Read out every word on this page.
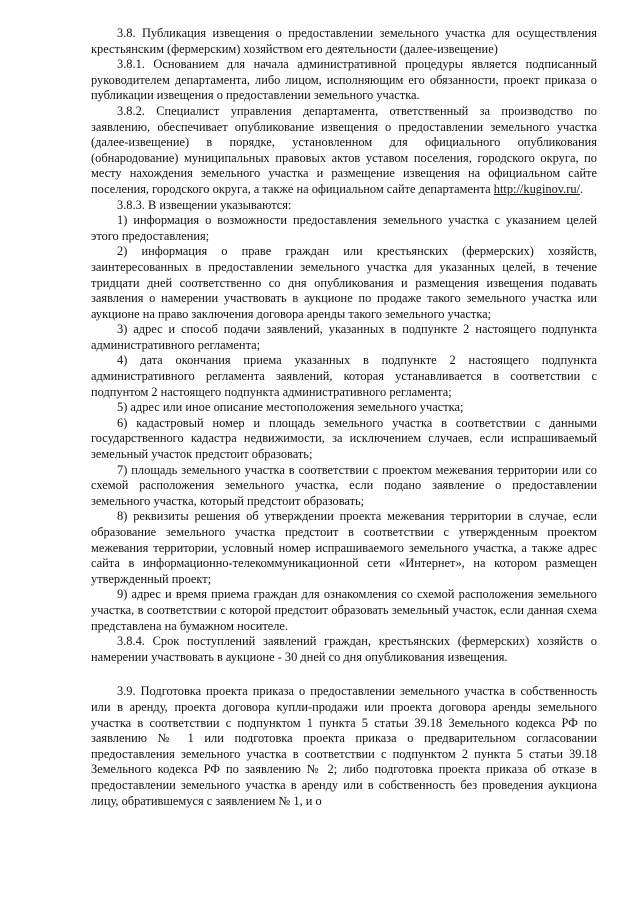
3.8. Публикация извещения о предоставлении земельного участка для осуществления крестьянским (фермерским) хозяйством его деятельности (далее-извещение)

3.8.1. Основанием для начала административной процедуры является подписанный руководителем департамента, либо лицом, исполняющим его обязанности, проект приказа о публикации извещения о предоставлении земельного участка.

3.8.2. Специалист управления департамента, ответственный за производство по заявлению, обеспечивает опубликование извещения о предоставлении земельного участка (далее-извещение) в порядке, установленном для официального опубликования (обнародование) муниципальных правовых актов уставом поселения, городского округа, по месту нахождения земельного участка и размещение извещения на официальном сайте поселения, городского округа, а также на официальном сайте департамента http://kuginov.ru/.

3.8.3. В извещении указываются:

1) информация о возможности предоставления земельного участка с указанием целей этого предоставления;

2) информация о праве граждан или крестьянских (фермерских) хозяйств, заинтересованных в предоставлении земельного участка для указанных целей, в течение тридцати дней соответственно со дня опубликования и размещения извещения подавать заявления о намерении участвовать в аукционе по продаже такого земельного участка или аукционе на право заключения договора аренды такого земельного участка;

3) адрес и способ подачи заявлений, указанных в подпункте 2 настоящего подпункта административного регламента;

4) дата окончания приема указанных в подпункте 2 настоящего подпункта административного регламента заявлений, которая устанавливается в соответствии с подпунтом 2 настоящего подпункта административного регламента;

5) адрес или иное описание местоположения земельного участка;

6) кадастровый номер и площадь земельного участка в соответствии с данными государственного кадастра недвижимости, за исключением случаев, если испрашиваемый земельный участок предстоит образовать;

7) площадь земельного участка в соответствии с проектом межевания территории или со схемой расположения земельного участка, если подано заявление о предоставлении земельного участка, который предстоит образовать;

8) реквизиты решения об утверждении проекта межевания территории в случае, если образование земельного участка предстоит в соответствии с утвержденным проектом межевания территории, условный номер испрашиваемого земельного участка, а также адрес сайта в информационно-телекоммуникационной сети «Интернет», на котором размещен утвержденный проект;

9) адрес и время приема граждан для ознакомления со схемой расположения земельного участка, в соответствии с которой предстоит образовать земельный участок, если данная схема представлена на бумажном носителе.

3.8.4. Срок поступлений заявлений граждан, крестьянских (фермерских) хозяйств о намерении участвовать в аукционе - 30 дней со дня опубликования извещения.

3.9. Подготовка проекта приказа о предоставлении земельного участка в собственность или в аренду, проекта договора купли-продажи или проекта договора аренды земельного участка в соответствии с подпунктом 1 пункта 5 статьи 39.18 Земельного кодекса РФ по заявлению № 1 или подготовка проекта приказа о предварительном согласовании предоставления земельного участка в соответствии с подпунктом 2 пункта 5 статьи 39.18 Земельного кодекса РФ по заявлению № 2; либо подготовка проекта приказа об отказе в предоставлении земельного участка в аренду или в собственность без проведения аукциона лицу, обратившемуся с заявлением № 1, и о
